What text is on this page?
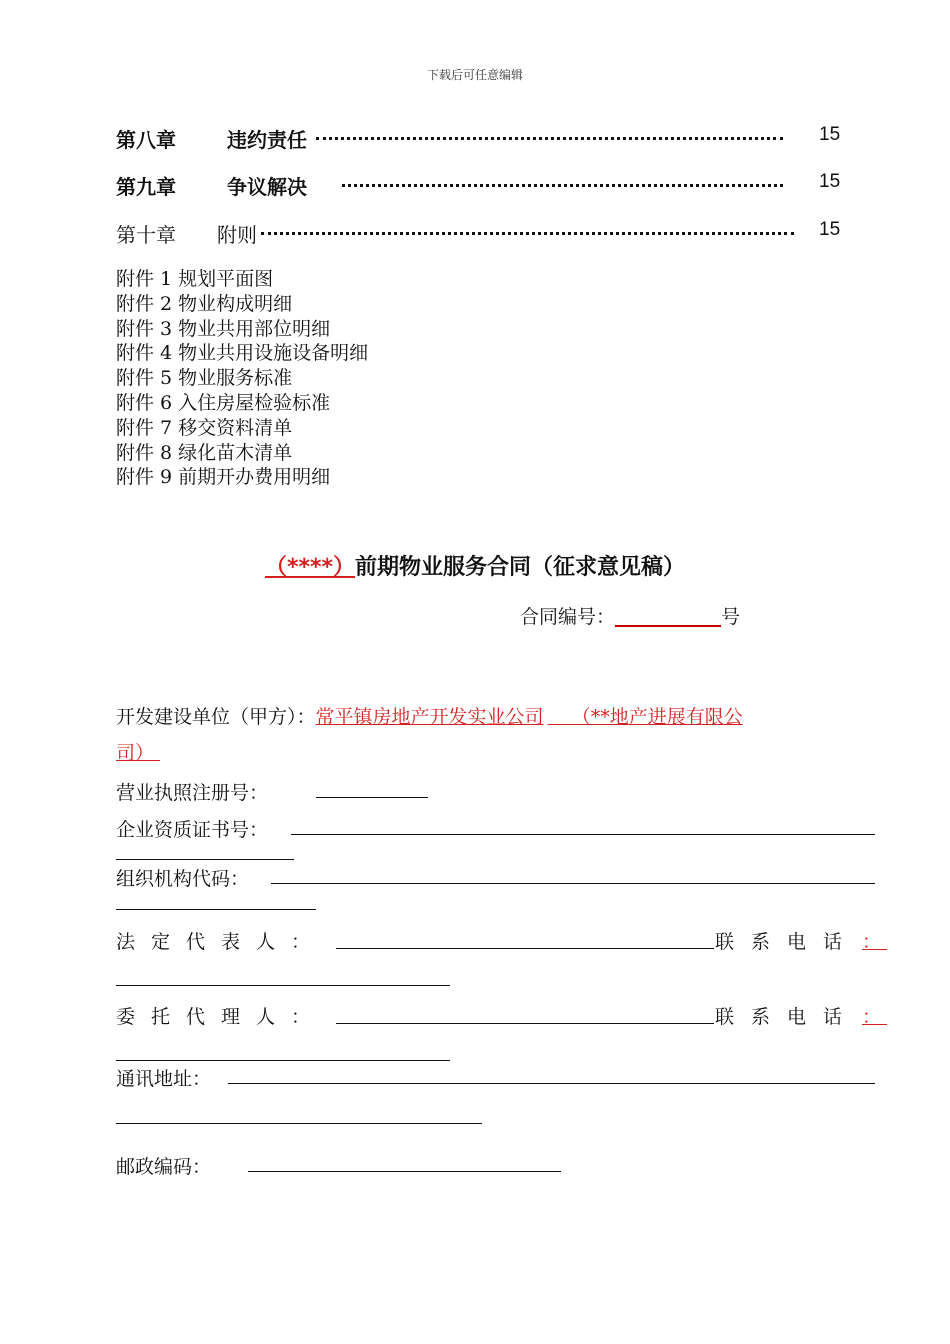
下载后可任意编辑
第八章	违约责任	15
第九章	争议解决	15
第十章 附则	15
附件 1 规划平面图
附件 2 物业构成明细
附件 3 物业共用部位明细
附件 4 物业共用设施设备明细
附件 5 物业服务标准
附件 6 入住房屋检验标准
附件 7 移交资料清单
附件 8 绿化苗木清单
附件 9 前期开办费用明细
（****）前期物业服务合同（征求意见稿）
合同编号：	号
开发建设单位（甲方）：常平镇房地产开发实业公司 （**地产进展有限公
司）
营业执照注册号：
企业资质证书号：
组织机构代码：
法定代表人：	联系电话 ：
委托代理人：	联系电话 ：
通讯地址：
邮政编码：
